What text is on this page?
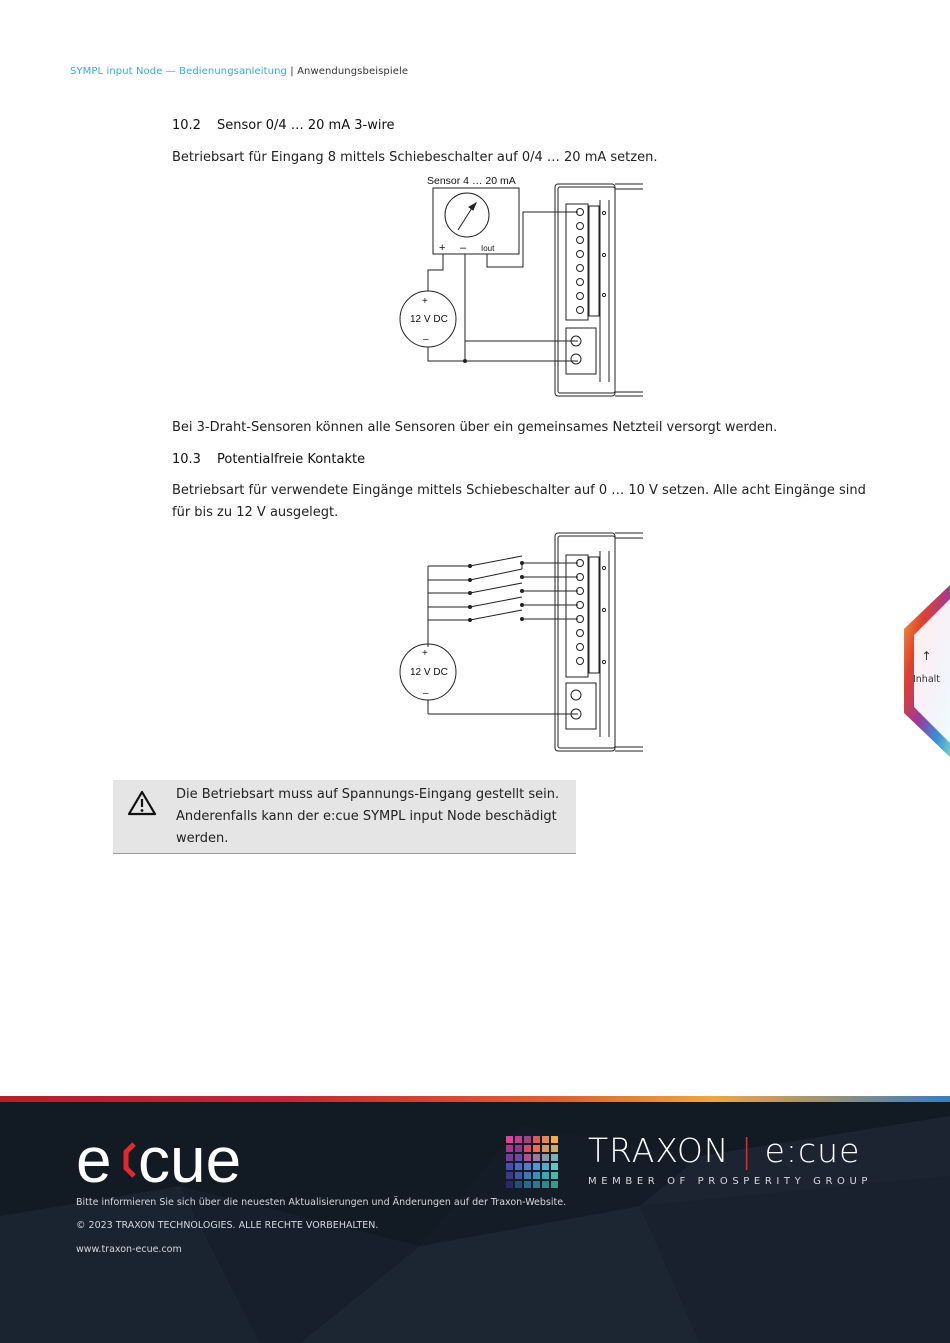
SYMPL input Node — Bedienungsanleitung | Anwendungsbeispiele
10.2 Sensor 0/4 … 20 mA 3-wire
Betriebsart für Eingang 8 mittels Schiebeschalter auf 0/4 … 20 mA setzen.
Sensor 4 … 20 mA
+ – Iout
+
12 V DC
–
Bei 3-Draht-Sensoren können alle Sensoren über ein gemeinsames Netzteil versorgt werden.
10.3 Potentialfreie Kontakte
Betriebsart für verwendete Eingänge mittels Schiebeschalter auf 0 … 10 V setzen. Alle acht Eingänge sind für bis zu 12 V ausgelegt.
+
12 V DC
–
Die Betriebsart muss auf Spannungs-Eingang gestellt sein. Anderenfalls kann der e:cue SYMPL input Node beschädigt werden.
↑
Inhalt
e cue	TRAXON | e:cue
MEMBER OF PROSPERITY GROUP
Bitte informieren Sie sich über die neuesten Aktualisierungen und Änderungen auf der Traxon-Website.
© 2023 TRAXON TECHNOLOGIES. ALLE RECHTE VORBEHALTEN.
www.traxon-ecue.com
